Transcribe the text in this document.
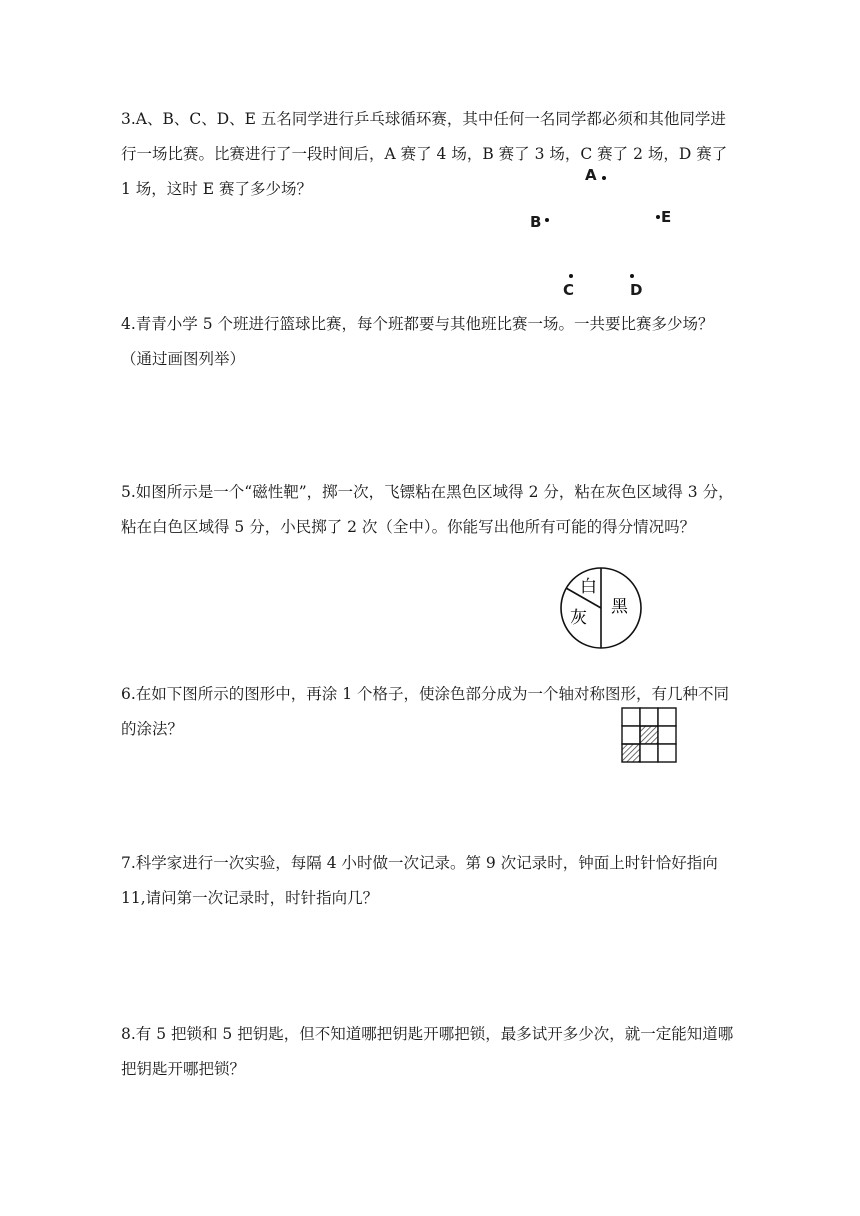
3.A、B、C、D、E 五名同学进行乒乓球循环赛，其中任何一名同学都必须和其他同学进行一场比赛。比赛进行了一段时间后，A 赛了 4 场，B 赛了 3 场，C 赛了 2 场，D 赛了 1 场，这时 E 赛了多少场？

A
B	E
C	D

4.青青小学 5 个班进行篮球比赛，每个班都要与其他班比赛一场。一共要比赛多少场？（通过画图列举）

5.如图所示是一个“磁性靶”，掷一次，飞镖粘在黑色区域得 2 分，粘在灰色区域得 3 分，粘在白色区域得 5 分，小民掷了 2 次（全中）。你能写出他所有可能的得分情况吗？

白
黑
灰

6.在如下图所示的图形中，再涂 1 个格子，使涂色部分成为一个轴对称图形，有几种不同的涂法？

7.科学家进行一次实验，每隔 4 小时做一次记录。第 9 次记录时，钟面上时针恰好指向 11,请问第一次记录时，时针指向几？

8.有 5 把锁和 5 把钥匙，但不知道哪把钥匙开哪把锁，最多试开多少次，就一定能知道哪把钥匙开哪把锁？
